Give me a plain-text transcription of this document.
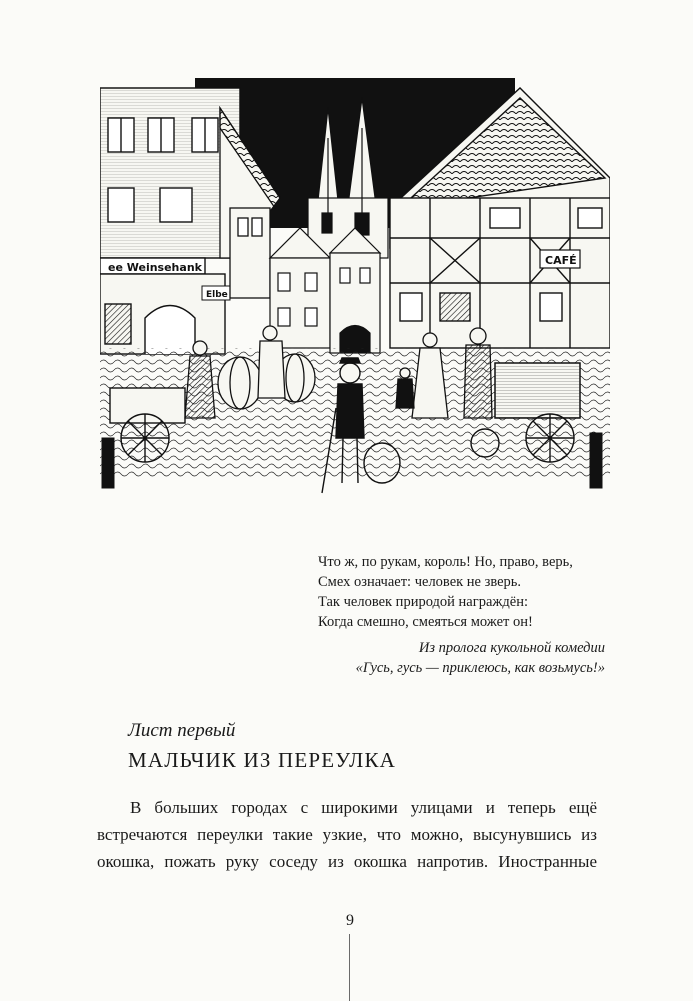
ee Weinsehank
Elbe
CAFÉ
Что ж, по рукам, король! Но, право, верь,
Смех означает: человек не зверь.
Так человек природой награждён:
Когда смешно, смеяться может он!
Из пролога кукольной комедии
«Гусь, гусь — приклеюсь, как возьмусь!»
Лист первый
МАЛЬЧИК ИЗ ПЕРЕУЛКА
В больших городах с широкими улицами и теперь ещё
встречаются переулки такие узкие, что можно, высунувшись из
окошка, пожать руку соседу из окошка напротив. Иностранные
9
